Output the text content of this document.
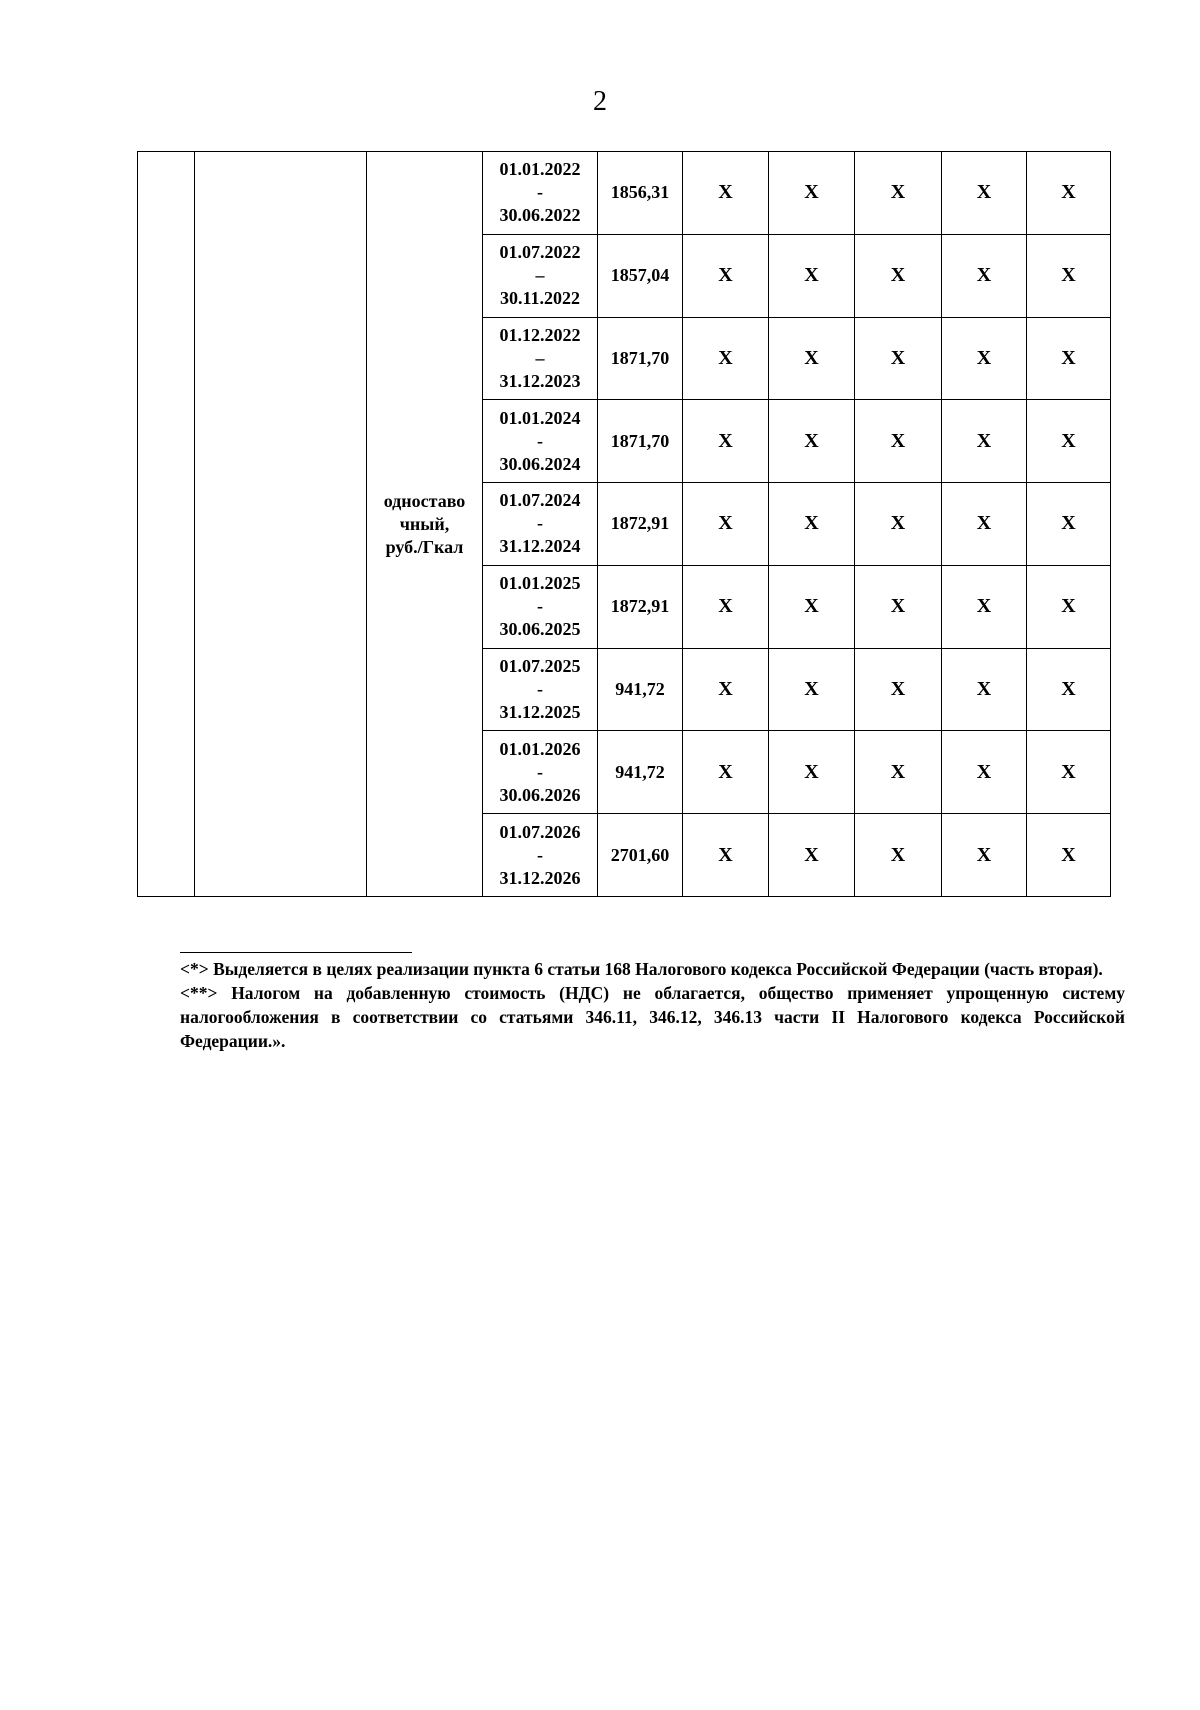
2
		одноставо
чный,
руб./Гкал	01.01.2022
-
30.06.2022	1856,31	X	X	X	X	X

			01.07.2022
–
30.11.2022	1857,04	X	X	X	X	X

			01.12.2022
–
31.12.2023	1871,70	X	X	X	X	X

			01.01.2024
-
30.06.2024	1871,70	X	X	X	X	X

			01.07.2024
-
31.12.2024	1872,91	X	X	X	X	X

			01.01.2025
-
30.06.2025	1872,91	X	X	X	X	X

			01.07.2025
-
31.12.2025	941,72	X	X	X	X	X

			01.01.2026
-
30.06.2026	941,72	X	X	X	X	X

			01.07.2026
-
31.12.2026	2701,60	X	X	X	X	X

<*> Выделяется в целях реализации пункта 6 статьи 168 Налогового кодекса Российской Федерации (часть вторая).

<**> Налогом на добавленную стоимость (НДС) не облагается, общество применяет упрощенную систему налогообложения в соответствии со статьями 346.11, 346.12, 346.13 части II Налогового кодекса Российской Федерации.».
